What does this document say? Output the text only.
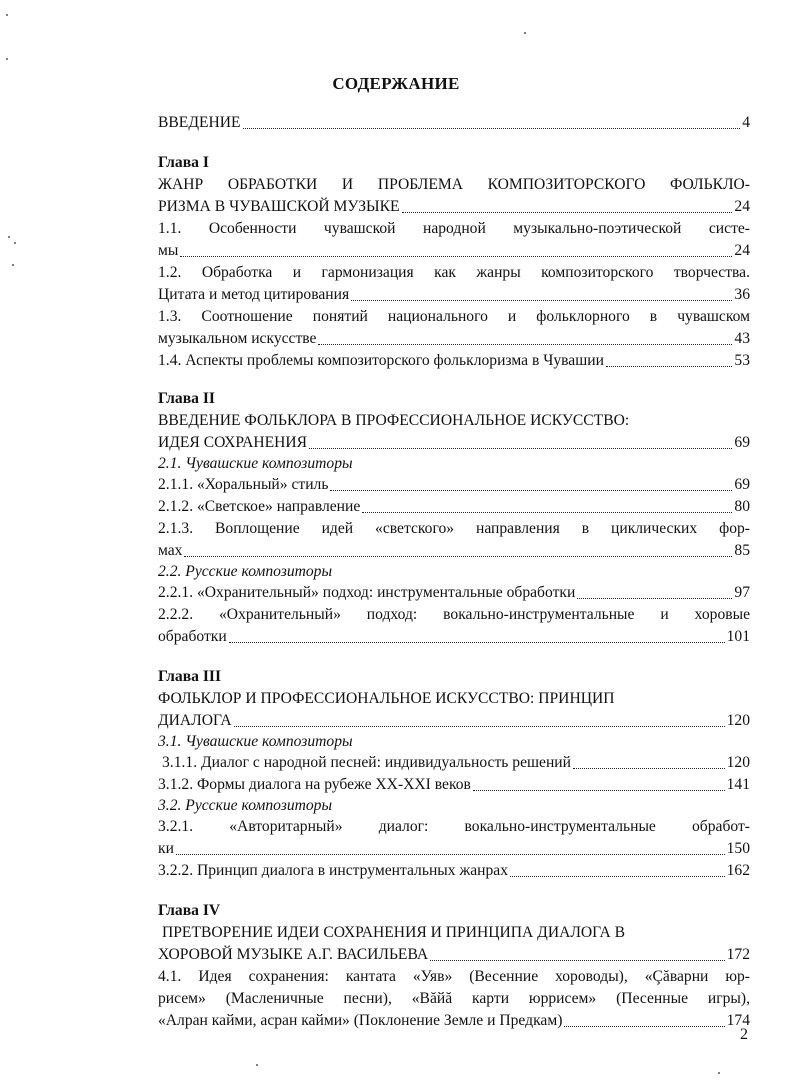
СОДЕРЖАНИЕ
ВВЕДЕНИЕ	4
Глава I
ЖАНР ОБРАБОТКИ И ПРОБЛЕМА КОМПОЗИТОРСКОГО ФОЛЬКЛО-
РИЗМА В ЧУВАШСКОЙ МУЗЫКЕ	24
1.1. Особенности чувашской народной музыкально-поэтической систе-
мы	24
1.2. Обработка и гармонизация как жанры композиторского творчества.
Цитата и метод цитирования	36
1.3. Соотношение понятий национального и фольклорного в чувашском
музыкальном искусстве	43
1.4. Аспекты проблемы композиторского фольклоризма в Чувашии	53
Глава II
ВВЕДЕНИЕ ФОЛЬКЛОРА В ПРОФЕССИОНАЛЬНОЕ ИСКУССТВО:
ИДЕЯ СОХРАНЕНИЯ	69
2.1. Чувашские композиторы
2.1.1. «Хоральный» стиль	69
2.1.2. «Светское» направление	80
2.1.3. Воплощение идей «светского» направления в циклических фор-
мах	85
2.2. Русские композиторы
2.2.1. «Охранительный» подход: инструментальные обработки	97
2.2.2. «Охранительный» подход: вокально-инструментальные и хоровые
обработки	101
Глава III
ФОЛЬКЛОР И ПРОФЕССИОНАЛЬНОЕ ИСКУССТВО: ПРИНЦИП
ДИАЛОГА	120
3.1. Чувашские композиторы
3.1.1. Диалог с народной песней: индивидуальность решений	120
3.1.2. Формы диалога на рубеже XX-XXI веков	141
3.2. Русские композиторы
3.2.1. «Авторитарный» диалог: вокально-инструментальные обработ-
ки	150
3.2.2. Принцип диалога в инструментальных жанрах	162
Глава IV
ПРЕТВОРЕНИЕ ИДЕИ СОХРАНЕНИЯ И ПРИНЦИПА ДИАЛОГА В
ХОРОВОЙ МУЗЫКЕ А.Г. ВАСИЛЬЕВА	172
4.1. Идея сохранения: кантата «Уяв» (Весенние хороводы), «Çăварни юр-
рисем» (Масленичные песни), «Вăйă карти юррисем» (Песенные игры),
«Алран кайми, асран кайми» (Поклонение Земле и Предкам)	174
2
